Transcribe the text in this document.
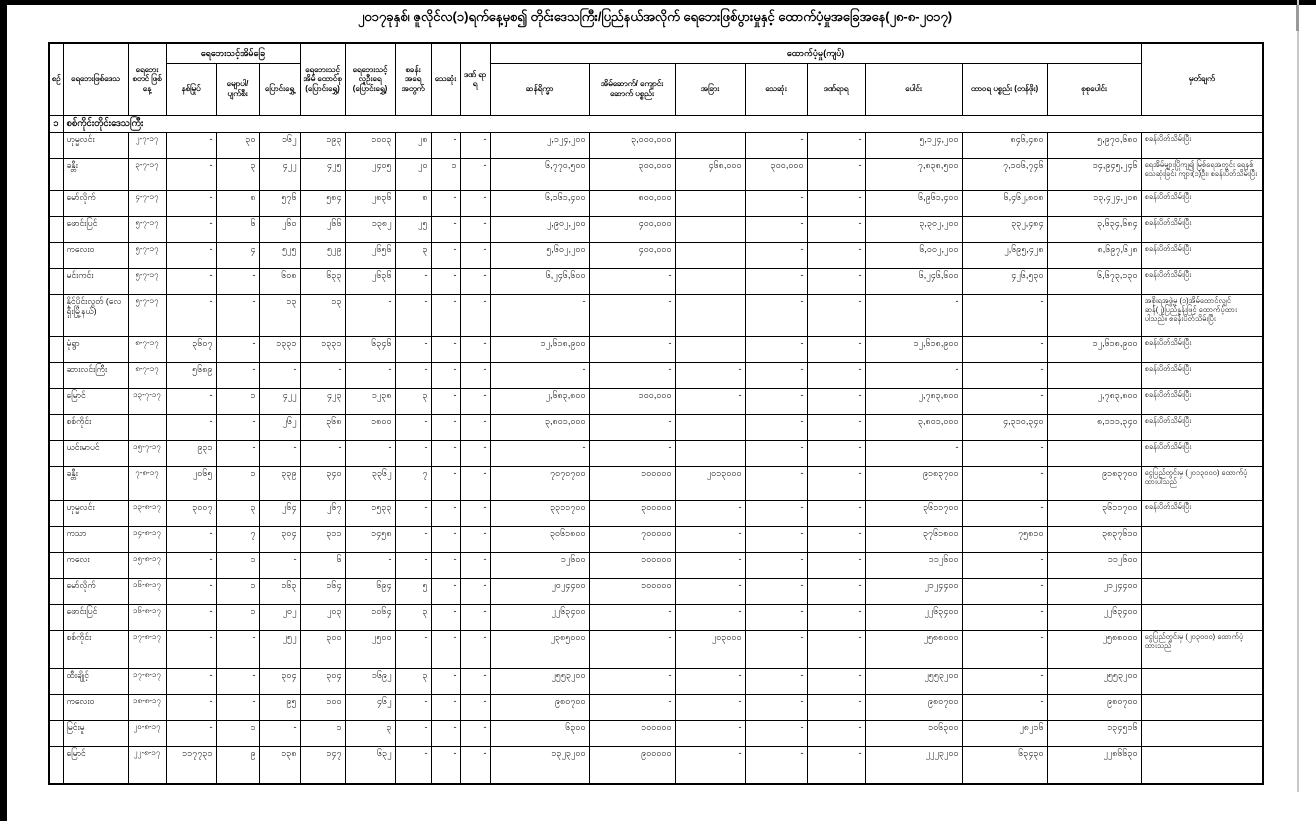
၂၀၁၇ခုနှစ်၊ ဇူလိုင်လ(၁)ရက်နေ့မှစ၍ တိုင်းဒေသကြီး/ပြည်နယ်အလိုက် ရေဘေးဖြစ်ပွားမှုနှင့် ထောက်ပံ့မှုအခြေအနေ(၂၈-၈-၂၀၁၇)
စဉ်	ရေဘေးဖြစ်ဒေသ	ရေဘေး စတင် ဖြစ်နေ့	ရေဘေးသင့်အိမ်ခြေ			ရေဘေးသင့် အိမ် ထောင်စု (ပြောင်းရွှေ့)	ရေဘေးသင့် လူဦးရေ (ပြောင်းရွှေ့)	စခန်း အရေ အတွက်	သေဆုံး	ဒဏ် ရာ ရ	ထောက်ပံ့မှု(ကျပ်)								မှတ်ချက်
			နစ်မြုပ်	မျောပါ/ ပျက်စီး	ပြောင်းရွှေ့						ဆန်ရိက္ခာ	အိမ်ဆောက်/ ကျောင်းဆောက် ပစ္စည်း	အခြား	သေဆုံး	ဒဏ်ရာရ	ပေါင်း	ထာဝရ ပစ္စည်း (တန်ဖိုး)	စုစုပေါင်း	
၁	စစ်ကိုင်းတိုင်းဒေသကြီး																		
	ဟုမ္မလင်း	၂-၇-၁၇	-	၃၀	၁၆၂	၁၉၃	၁၀၀၃	၂၈	-	-	၂,၁၂၄,၂၀၀	၃,၀၀၀,၀၀၀		-	-	၅,၁၂၄,၂၀၀	၈၄၆,၄၈၀	၅,၉၇၀,၆၈၀	စခန်းပိတ်သိမ်းပြီး
	ခန္တီး	၃-၇-၁၇	-	၃	၄၂၂	၄၂၅	၂၄၀၅	၂၀	၁	-	၆,၇၇၀,၅၀၀	၃၀၀,၀၀၀	၄၆၈,၀၀၀	၃၀၀,၀၀၀	-	၇,၈၃၈,၅၀၀	၇,၁၀၆,၇၄၆	၁၄,၉၄၅,၂၄၆	ရေအိမ်များပြိုကျ၍ မြစ်ရေအတွင်း ရေနစ်သေဆုံးခြင်း ကျား(၁)ဦး၊ စခန်းပိတ်သိမ်းပြီး
	မော်လိုက်	၄-၇-၁၇	-	၈	၅၇၆	၅၈၄	၂၈၃၆	၈	-	-	၆,၁၆၁,၄၀၀	၈၀၀,၀၀၀		-	-	၆,၉၆၁,၄၀၀	၆,၄၆၂,၈၀၈	၁၃,၄၂၄,၂၀၈	စခန်းပိတ်သိမ်းပြီး
	ဖောင်းပြင်	၅-၇-၁၇	-	၆	၂၆၀	၂၆၆	၁၃၈၂	၂၅	-	-	၂,၉၀၂,၂၀၀	၄၀၀,၀၀၀		-	-	၃,၃၀၂,၂၀၀	၃၃၂,၄၈၄	၃,၆၃၄,၆၈၄	စခန်းပိတ်သိမ်းပြီး
	ကလေးဝ	၅-၇-၁၇	-	၄	၅၂၅	၅၂၉	၂၆၅၆	၃	-	-	၅,၆၀၂,၂၀၀	၄၀၀,၀၀၀		-	-	၆,၀၀၂,၂၀၀	၂,၆၉၅,၄၂၈	၈,၆၉၇,၆၂၈	စခန်းပိတ်သိမ်းပြီး
	မင်းကင်း	၅-၇-၁၇	-	-	၆၀၈	၆၃၃	၂၆၃၆	-	-	-	၆,၂၄၆,၆၀၀	-		-	-	၆,၂၄၆,၆၀၀	၄၂၆,၅၃၀	၆,၆၇၃,၁၃၀	စခန်းပိတ်သိမ်းပြီး
	နိုင်ပိုင်းလွတ် (လေရှီးမြို့နယ်)	၅-၇-၁၇	-	-	၁၃	၁၃	-	-	-	-	-	-		-	-	-	-		အစိုးရအဖွဲ့မှ (၁)အိမ်ထောင်လျှင် ဆန်(၂)ပြည်နှုန်းဖြင့် ထောက်ပံ့ထားပါသည်။ စခန်းပိတ်သိမ်းပြီး
	မုံရွာ	၈-၇-၁၇	၃၆၀၇	-	၁၃၃၁	၁၃၃၁	၆၃၄၆	-	-	-	၁၂,၆၁၈,၉၀၀	-		-	-	၁၂,၆၁၈,၉၀၀	-	၁၂,၆၁၈,၉၀၀	စခန်းပိတ်သိမ်းပြီး
	ဆားလင်းကြီး	၈-၇-၁၇	၅၆၈၉	-	-	-	-	-	-	-	-	-	-	-	-	-	-		စခန်းပိတ်သိမ်းပြီး
	မြောင်	၁၃-၇-၁၇	-	၁	၄၂၂	၄၂၃	၁၂၃၈	၃	-	-	၂,၆၈၃,၈၀၀	၁၀၀,၀၀၀	-	-	-	၂,၇၈၃,၈၀၀	-	၂,၇၈၃,၈၀၀	စခန်းပိတ်သိမ်းပြီး
	စစ်ကိုင်း		-	-	၂၆၂	၃၆၈	၁၈၀၀	-	-	-	၃,၈၀၁,၀၀၀	-		-	-	၃,၈၀၁,၀၀၀	၄,၃၁၀,၃၄၀	၈,၁၁၁,၃၄၀	စခန်းပိတ်သိမ်းပြီး
	ယင်းမာပင်	၁၅-၇-၁၇	၉၃၁	-	-	-	-	-	-	-	-	-		-	-	-	-		စခန်းပိတ်သိမ်းပြီး
	ခန္တီး	၇-၈-၁၇	၂၀၆၅	၁	၃၃၉	၃၄၀	၃၃၆၂	၇	-	-	၇၀၇၀၇၀၀	၁၀၀၀၀၀	၂၀၁၃၀၀၀	-	-	၉၁၈၃၇၀၀	-	၉၁၈၃၇၀၀	ငွေပြည်တွင်းမှ (၂၀၁၃၀၀၀) ထောက်ပံ့ထားပါသည်
	ဟုမ္မလင်း	၁၃-၈-၁၇	၃၀၀၇	၃	၂၆၄	၂၆၇	၁၅၃၃	-	-	-	၃၃၁၁၇၀၀	၃၀၀၀၀၀	-	-	-	၃၆၁၁၇၀၀	-	၃၆၁၁၇၀၀	စခန်းပိတ်သိမ်းပြီး
	ကသာ	၁၄-၈-၁၇	-	၇	၃၀၄	၃၁၁	၁၄၅၈	-	-	-	၃၀၆၁၈၀၀	၇၀၀၀၀၀	-	-	-	၃၇၆၁၈၀၀	၇၅၈၁၀	၃၈၃၇၆၁၀	
	ကလေး	၁၅-၈-၁၇	-	၁	-	၆	-	-	-	-	၁၂၆၀၀	၁၀၀၀၀၀	-	-	-	၁၁၂၆၀၀	-	၁၁၂၆၀၀	
	မော်လိုက်	၁၆-၈-၁၇	-	၁	၁၆၃	၁၆၄	၆၉၄	၅	-	-	၂၀၂၄၄၀၀	၁၀၀၀၀၀	-	-	-	၂၁၂၄၄၀၀	-	၂၁၂၄၄၀၀	
	ဖောင်းပြင်	၁၆-၈-၁၇	-	၁	၂၀၂	၂၀၃	၁၀၆၄	၃	-	-	၂၂၆၃၄၀၀	-	-	-	-	၂၂၆၃၄၀၀	-	၂၂၆၃၄၀၀	
	စစ်ကိုင်း	၁၇-၈-၁၇	-	-	၂၅၂	၃၀၀	၂၅၀၀	-	-	-	၂၃၈၅၀၀၀	-	၂၀၃၀၀၀	-	-	၂၅၈၈၀၀၀	-	၂၅၈၈၀၀၀	ငွေပြည်တွင်းမှ (၂၀၃၀၀၀) ထောက်ပံ့ထားသည်
	ထီးချိုင့်	၁၇-၈-၁၇	-	-	၃၀၄	၃၀၄	၁၆၉၂	၃	-	-	၂၅၅၃၂၀၀	-	-	-	-	၂၅၅၃၂၀၀	-	၂၅၅၃၂၀၀	
	ကလေးဝ	၁၈-၈-၁၇	-	-	၉၅	၁၀၀	၄၆၂	-	-	-	၉၈၀၇၀၀	-	-	-	-	၉၈၀၇၀၀	-	၉၈၀၇၀၀	
	မြင်းမူ	၂၀-၈-၁၇	-	၁	-	၁	၃	-	-	-	၆၃၀၀	၁၀၀၀၀၀	-	-	-	၁၀၆၃၀၀	၂၈၂၁၆	၁၃၄၅၁၆	
	မြောင်	၂၂-၈-၁၇	၁၁၇၇၃၁	၉	၁၃၈	၁၄၇	၆၃၂	-	-	-	၁၃၂၃၂၀၀	၉၀၀၀၀၀	-	-	-	၂၂၂၃၂၀၀	၆၃၄၃၀	၂၂၈၆၆၃၀	
